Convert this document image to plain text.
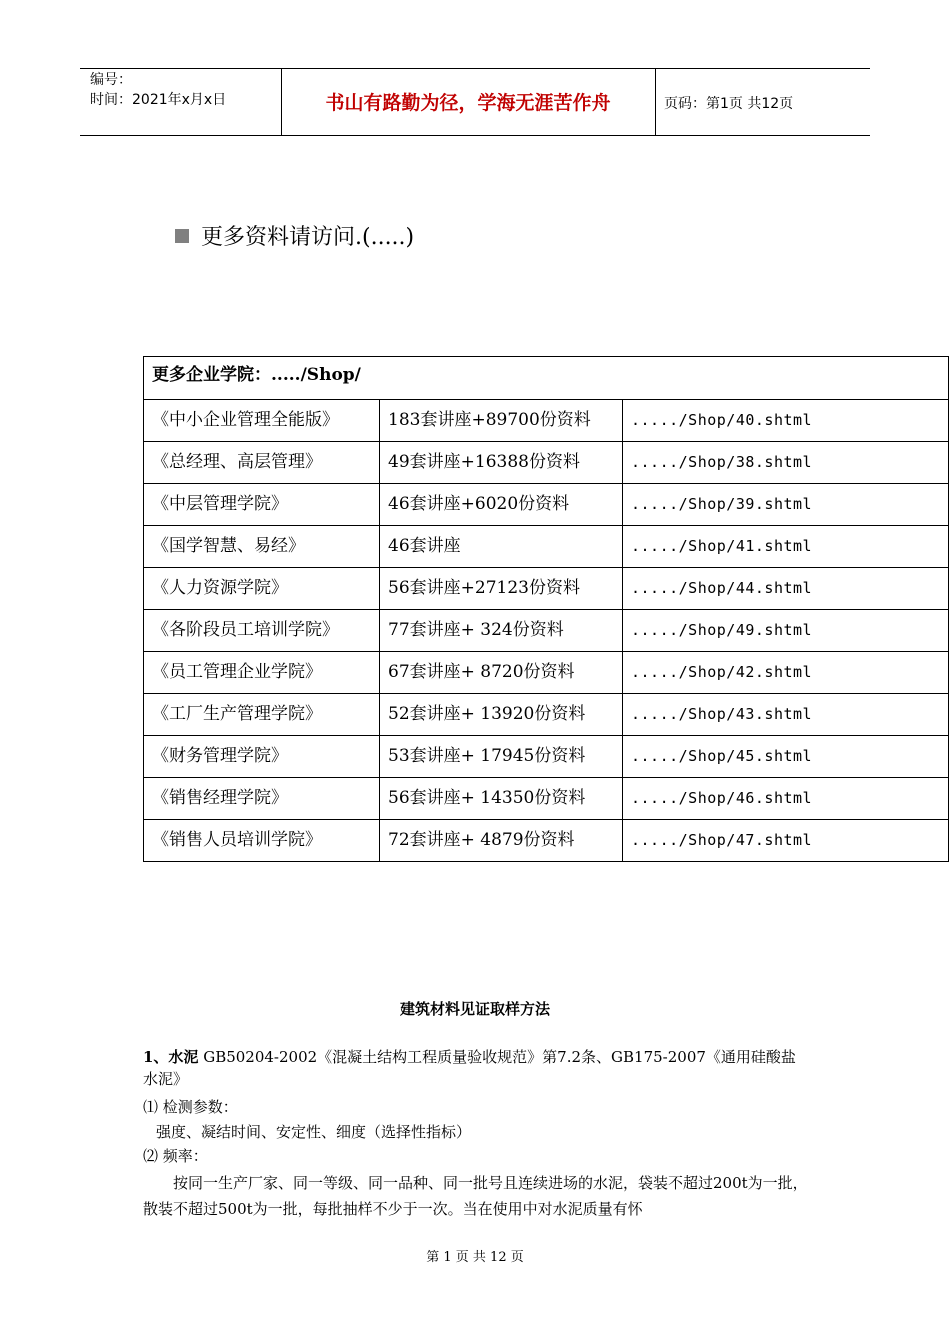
编号：
时间：2021年x月x日	书山有路勤为径，学海无涯苦作舟	页码：第1页 共12页
更多资料请访问.(.....)
更多企业学院：...../Shop/		
《中小企业管理全能版》	183套讲座+89700份资料	...../Shop/40.shtml
《总经理、高层管理》	49套讲座+16388份资料	...../Shop/38.shtml
《中层管理学院》	46套讲座+6020份资料	...../Shop/39.shtml
《国学智慧、易经》	46套讲座	...../Shop/41.shtml
《人力资源学院》	56套讲座+27123份资料	...../Shop/44.shtml
《各阶段员工培训学院》	77套讲座+ 324份资料	...../Shop/49.shtml
《员工管理企业学院》	67套讲座+ 8720份资料	...../Shop/42.shtml
《工厂生产管理学院》	52套讲座+ 13920份资料	...../Shop/43.shtml
《财务管理学院》	53套讲座+ 17945份资料	...../Shop/45.shtml
《销售经理学院》	56套讲座+ 14350份资料	...../Shop/46.shtml
《销售人员培训学院》	72套讲座+ 4879份资料	...../Shop/47.shtml
建筑材料见证取样方法
1、水泥 GB50204-2002《混凝土结构工程质量验收规范》第7.2条、GB175-2007《通用硅酸盐水泥》
⑴ 检测参数：
强度、凝结时间、安定性、细度（选择性指标）
⑵ 频率：
按同一生产厂家、同一等级、同一品种、同一批号且连续进场的水泥，袋装不超过200t为一批，散装不超过500t为一批，每批抽样不少于一次。当在使用中对水泥质量有怀
第 1 页 共 12 页
